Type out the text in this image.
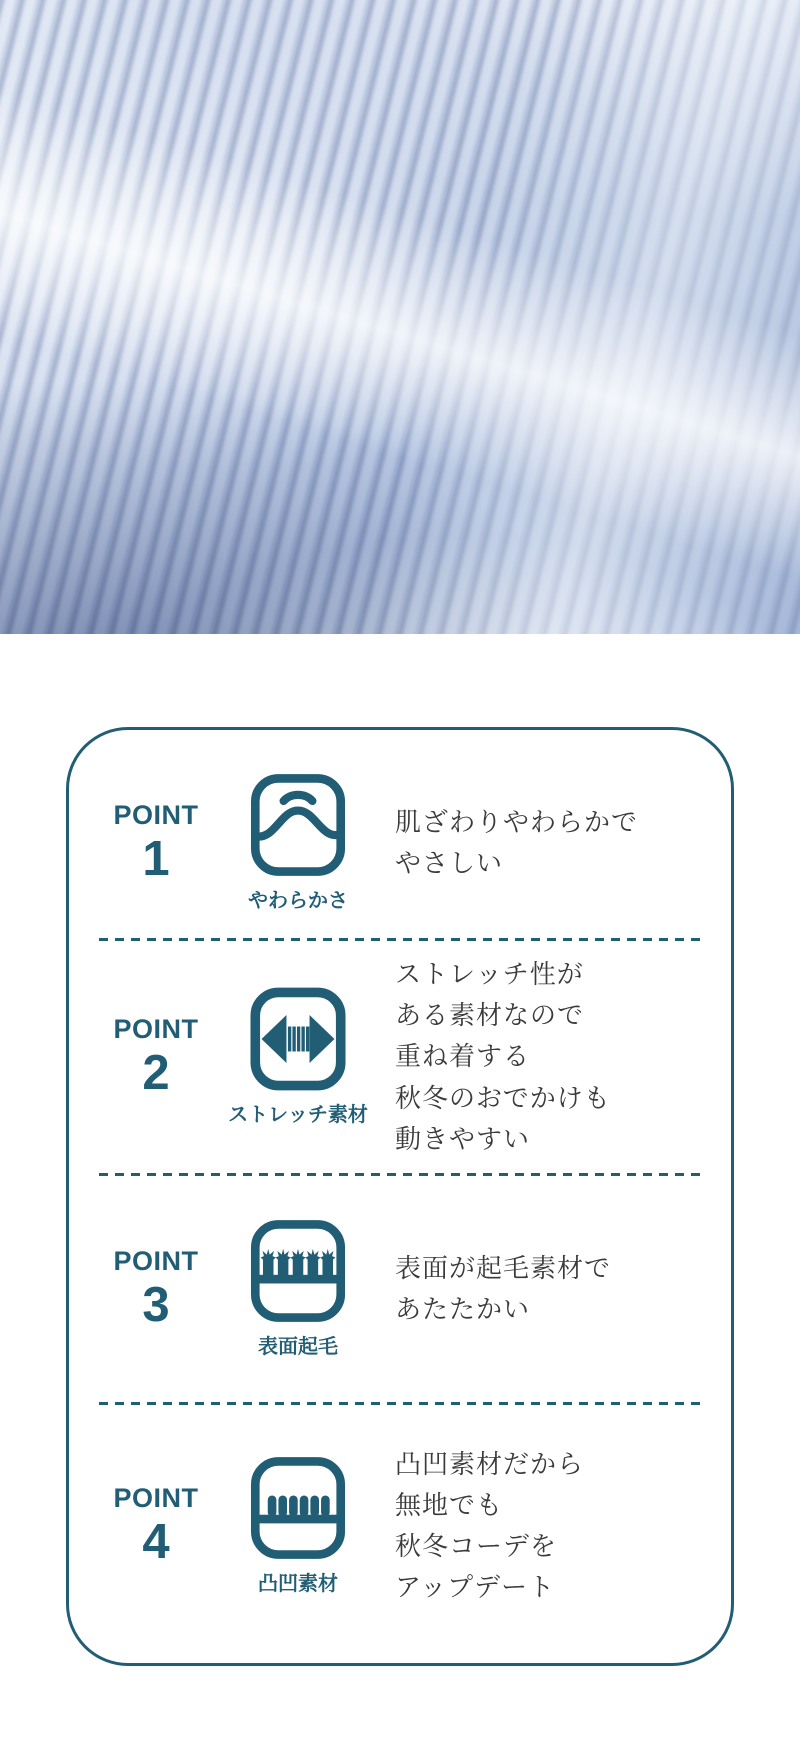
POINT
1
やわらかさ
肌ざわりやわらかで
やさしい
POINT
2
ストレッチ素材
ストレッチ性が
ある素材なので
重ね着する
秋冬のおでかけも
動きやすい
POINT
3
表面起毛
表面が起毛素材で
あたたかい
POINT
4
凸凹素材
凸凹素材だから
無地でも
秋冬コーデを
アップデート
